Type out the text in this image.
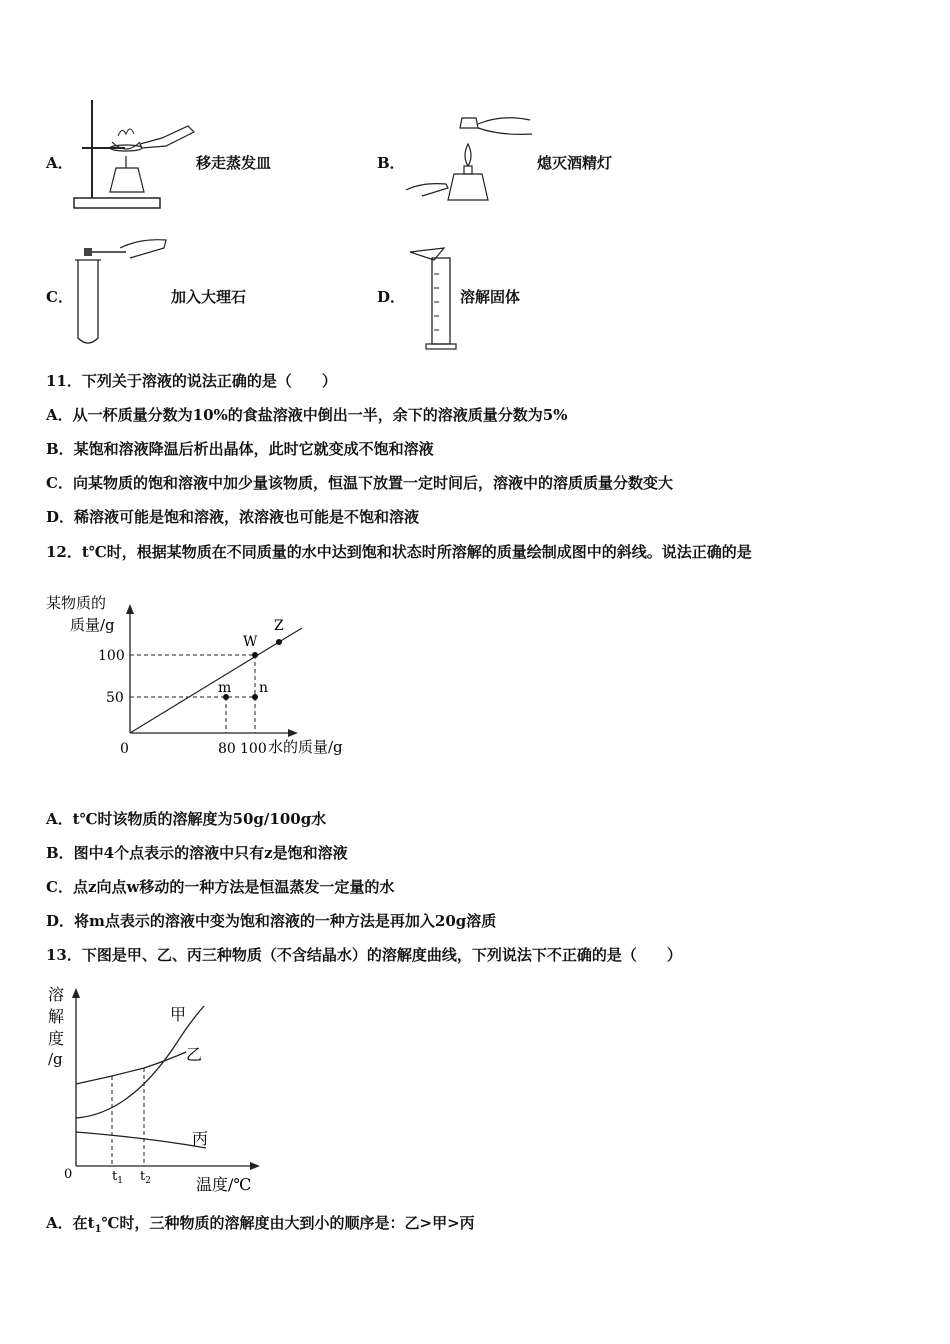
A．	移走蒸发皿	B．	熄灭酒精灯
C．	加入大理石	D．	溶解固体
11．下列关于溶液的说法正确的是（　　）
A．从一杯质量分数为10%的食盐溶液中倒出一半，余下的溶液质量分数为5%
B．某饱和溶液降温后析出晶体，此时它就变成不饱和溶液
C．向某物质的饱和溶液中加少量该物质，恒温下放置一定时间后，溶液中的溶质质量分数变大
D．稀溶液可能是饱和溶液，浓溶液也可能是不饱和溶液
12．t℃时，根据某物质在不同质量的水中达到饱和状态时所溶解的质量绘制成图中的斜线。说法正确的是
某物质的
质量/g
W
Z
m n
100
50
0	80 100 水的质量/g
A．t℃时该物质的溶解度为50g/100g水
B．图中4个点表示的溶液中只有z是饱和溶液
C．点z向点w移动的一种方法是恒温蒸发一定量的水
D．将m点表示的溶液中变为饱和溶液的一种方法是再加入20g溶质
13．下图是甲、乙、丙三种物质（不含结晶水）的溶解度曲线，下列说法下不正确的是（　　）
溶
解
度
/g
甲
乙
丙
0	$t_1$ $t_2$	温度/℃
A．在$t_1℃$时，三种物质的溶解度由大到小的顺序是：乙>甲>丙
